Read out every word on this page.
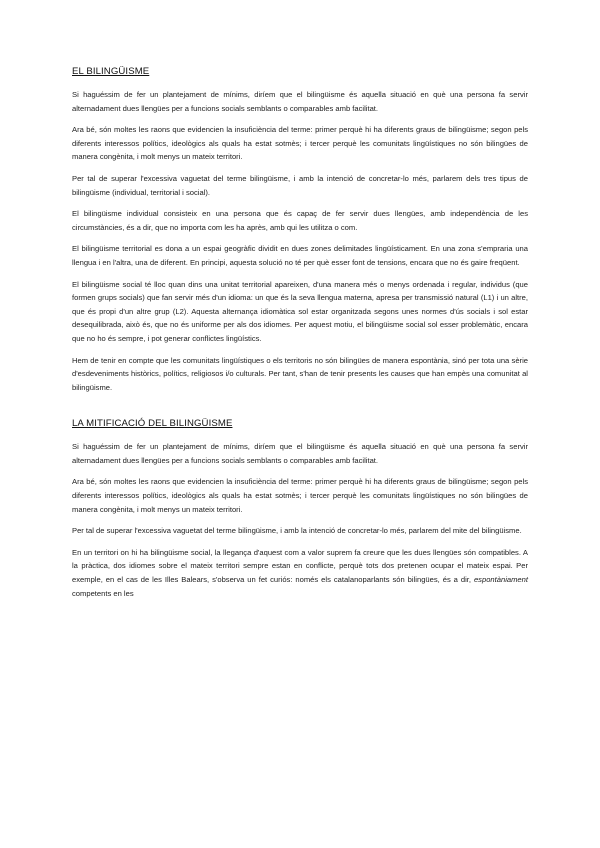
EL BILINGÜISME

Si haguéssim de fer un plantejament de mínims, diríem que el bilingüisme és aquella situació en què una persona fa servir alternadament dues llengües per a funcions socials semblants o comparables amb facilitat.

Ara bé, són moltes les raons que evidencien la insuficiència del terme: primer perquè hi ha diferents graus de bilingüisme; segon pels diferents interessos polítics, ideològics als quals ha estat sotmès; i tercer perquè les comunitats lingüístiques no són bilingües de manera congènita, i molt menys un mateix territori.

Per tal de superar l'excessiva vaguetat del terme bilingüisme, i amb la intenció de concretar-lo més, parlarem dels tres tipus de bilingüisme (individual, territorial i social).

El bilingüisme individual consisteix en una persona que és capaç de fer servir dues llengües, amb independència de les circumstàncies, és a dir, que no importa com les ha après, amb qui les utilitza o com.

El bilingüisme territorial es dona a un espai geogràfic dividit en dues zones delimitades lingüísticament. En una zona s'empraria una llengua i en l'altra, una de diferent. En principi, aquesta solució no té per què esser font de tensions, encara que no és gaire freqüent.

El bilingüisme social té lloc quan dins una unitat territorial apareixen, d'una manera més o menys ordenada i regular, individus (que formen grups socials) que fan servir més d'un idioma: un que és la seva llengua materna, apresa per transmissió natural (L1) i un altre, que és propi d'un altre grup (L2). Aquesta alternança idiomàtica sol estar organitzada segons unes normes d'ús socials i sol estar desequilibrada, això és, que no és uniforme per als dos idiomes. Per aquest motiu, el bilingüisme social sol esser problemàtic, encara que no ho és sempre, i pot generar conflictes lingüístics.

Hem de tenir en compte que les comunitats lingüístiques o els territoris no són bilingües de manera espontània, sinó per tota una sèrie d'esdeveniments històrics, polítics, religiosos i/o culturals. Per tant, s'han de tenir presents les causes que han empès una comunitat al bilingüisme.

LA MITIFICACIÓ DEL BILINGÜISME

Si haguéssim de fer un plantejament de mínims, diríem que el bilingüisme és aquella situació en què una persona fa servir alternadament dues llengües per a funcions socials semblants o comparables amb facilitat.

Ara bé, són moltes les raons que evidencien la insuficiència del terme: primer perquè hi ha diferents graus de bilingüisme; segon pels diferents interessos polítics, ideològics als quals ha estat sotmès; i tercer perquè les comunitats lingüístiques no són bilingües de manera congènita, i molt menys un mateix territori.

Per tal de superar l'excessiva vaguetat del terme bilingüisme, i amb la intenció de concretar-lo més, parlarem del mite del bilingüisme.

En un territori on hi ha bilingüisme social, la llegança d'aquest com a valor suprem fa creure que les dues llengües són compatibles. A la pràctica, dos idiomes sobre el mateix territori sempre estan en conflicte, perquè tots dos pretenen ocupar el mateix espai. Per exemple, en el cas de les Illes Balears, s'observa un fet curiós: només els catalanoparlants són bilingües, és a dir, espontàniament competents en les
